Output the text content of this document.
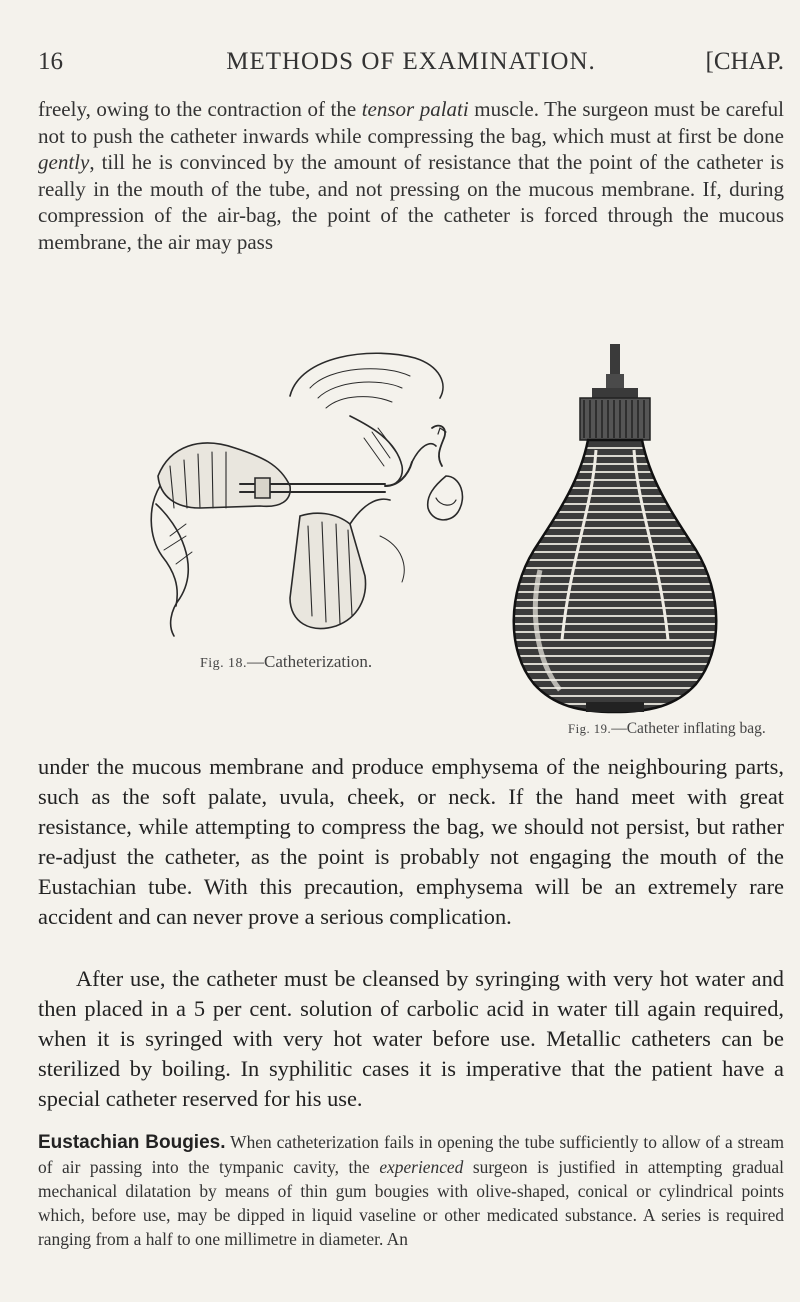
16	METHODS OF EXAMINATION.	[CHAP.

freely, owing to the contraction of the tensor palati muscle. The surgeon must be careful not to push the catheter inwards while compressing the bag, which must at first be done gently, till he is convinced by the amount of resistance that the point of the catheter is really in the mouth of the tube, and not pressing on the mucous membrane. If, during compression of the air-bag, the point of the catheter is forced through the mucous membrane, the air may pass

Fig. 18.—Catheterization.
Fig. 19.—Catheter inflating bag.

under the mucous membrane and produce emphysema of the neighbouring parts, such as the soft palate, uvula, cheek, or neck. If the hand meet with great resistance, while attempting to compress the bag, we should not persist, but rather re-adjust the catheter, as the point is probably not engaging the mouth of the Eustachian tube. With this precaution, emphysema will be an extremely rare accident and can never prove a serious complication.

After use, the catheter must be cleansed by syringing with very hot water and then placed in a 5 per cent. solution of carbolic acid in water till again required, when it is syringed with very hot water before use. Metallic catheters can be sterilized by boiling. In syphilitic cases it is imperative that the patient have a special catheter reserved for his use.

Eustachian Bougies. When catheterization fails in opening the tube sufficiently to allow of a stream of air passing into the tympanic cavity, the experienced surgeon is justified in attempting gradual mechanical dilatation by means of thin gum bougies with olive-shaped, conical or cylindrical points which, before use, may be dipped in liquid vaseline or other medicated substance. A series is required ranging from a half to one millimetre in diameter. An
